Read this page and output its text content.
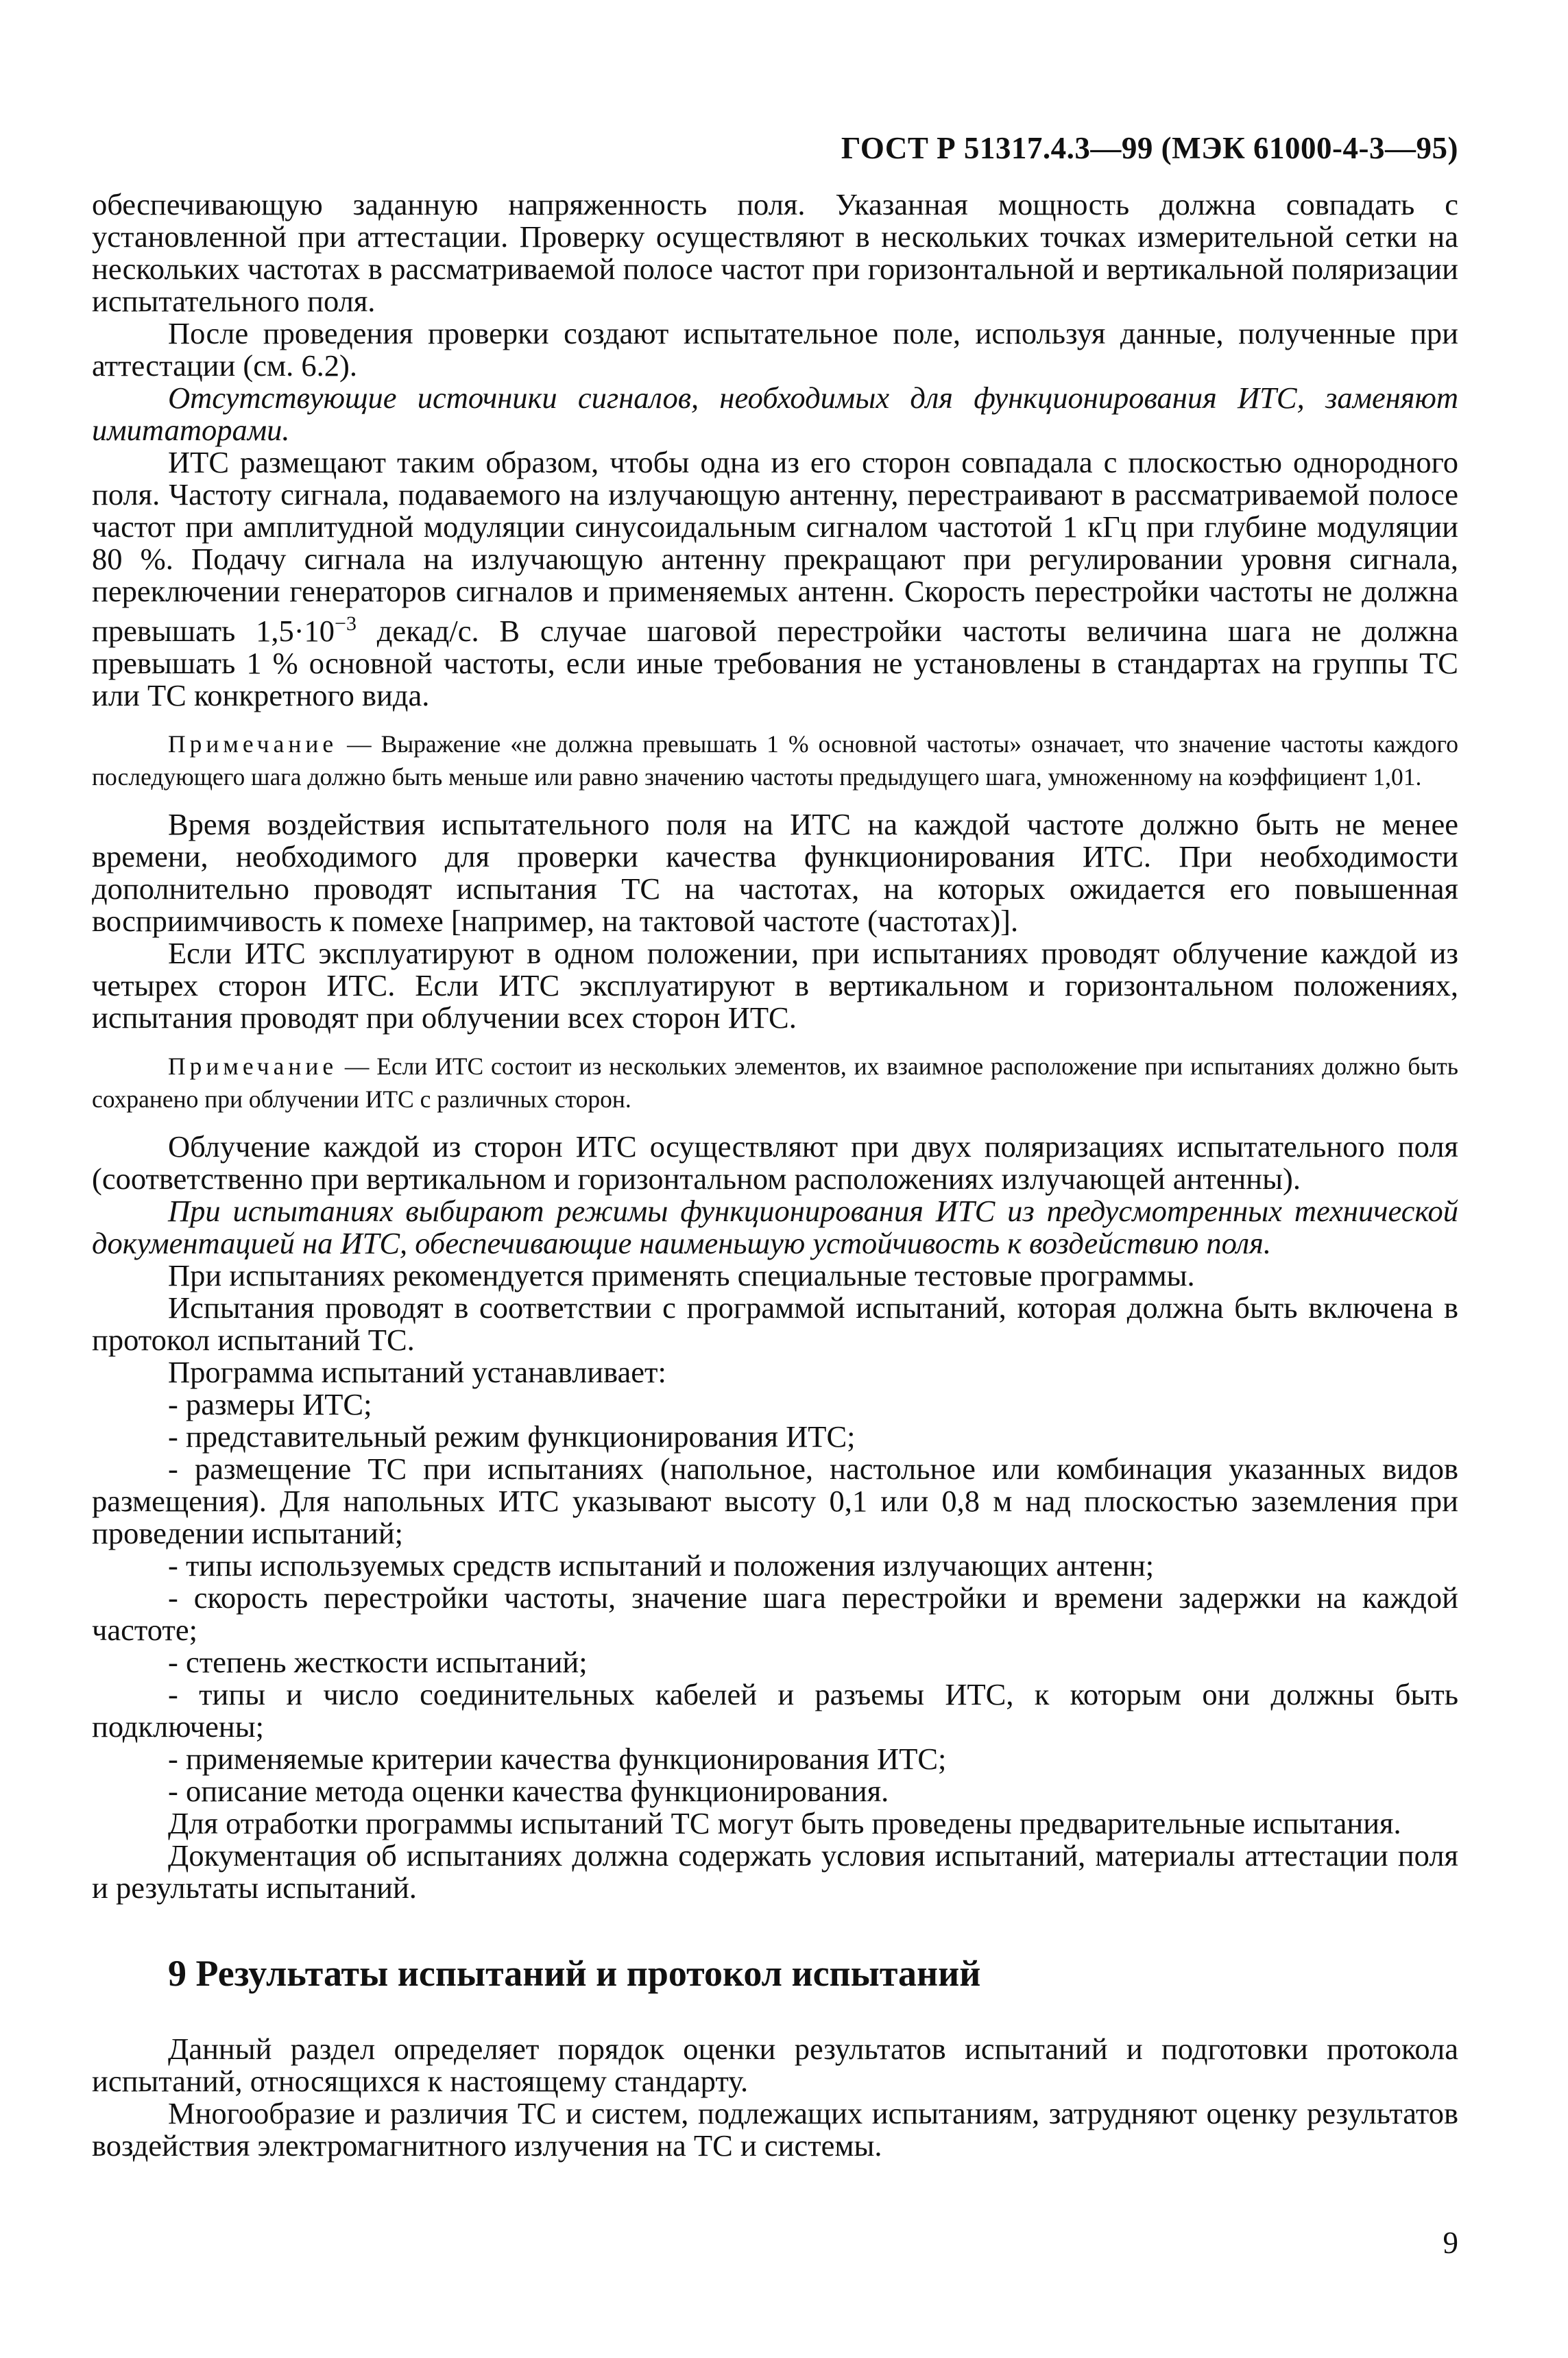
ГОСТ Р 51317.4.3—99 (МЭК 61000-4-3—95)

обеспечивающую заданную напряженность поля. Указанная мощность должна совпадать с установленной при аттестации. Проверку осуществляют в нескольких точках измерительной сетки на нескольких частотах в рассматриваемой полосе частот при горизонтальной и вертикальной поляризации испытательного поля.

После проведения проверки создают испытательное поле, используя данные, полученные при аттестации (см. 6.2).

Отсутствующие источники сигналов, необходимых для функционирования ИТС, заменяют имитаторами.

ИТС размещают таким образом, чтобы одна из его сторон совпадала с плоскостью однородного поля. Частоту сигнала, подаваемого на излучающую антенну, перестраивают в рассматриваемой полосе частот при амплитудной модуляции синусоидальным сигналом частотой 1 кГц при глубине модуляции 80 %. Подачу сигнала на излучающую антенну прекращают при регулировании уровня сигнала, переключении генераторов сигналов и применяемых антенн. Скорость перестройки частоты не должна превышать $1,5\cdot 10^{-3}$ декад/с. В случае шаговой перестройки частоты величина шага не должна превышать 1 % основной частоты, если иные требования не установлены в стандартах на группы ТС или ТС конкретного вида.

Примечание — Выражение «не должна превышать 1 % основной частоты» означает, что значение частоты каждого последующего шага должно быть меньше или равно значению частоты предыдущего шага, умноженному на коэффициент 1,01.

Время воздействия испытательного поля на ИТС на каждой частоте должно быть не менее времени, необходимого для проверки качества функционирования ИТС. При необходимости дополнительно проводят испытания ТС на частотах, на которых ожидается его повышенная восприимчивость к помехе [например, на тактовой частоте (частотах)].

Если ИТС эксплуатируют в одном положении, при испытаниях проводят облучение каждой из четырех сторон ИТС. Если ИТС эксплуатируют в вертикальном и горизонтальном положениях, испытания проводят при облучении всех сторон ИТС.

Примечание — Если ИТС состоит из нескольких элементов, их взаимное расположение при испытаниях должно быть сохранено при облучении ИТС с различных сторон.

Облучение каждой из сторон ИТС осуществляют при двух поляризациях испытательного поля (соответственно при вертикальном и горизонтальном расположениях излучающей антенны).

При испытаниях выбирают режимы функционирования ИТС из предусмотренных технической документацией на ИТС, обеспечивающие наименьшую устойчивость к воздействию поля.

При испытаниях рекомендуется применять специальные тестовые программы.

Испытания проводят в соответствии с программой испытаний, которая должна быть включена в протокол испытаний ТС.

Программа испытаний устанавливает:

- размеры ИТС;

- представительный режим функционирования ИТС;

- размещение ТС при испытаниях (напольное, настольное или комбинация указанных видов размещения). Для напольных ИТС указывают высоту 0,1 или 0,8 м над плоскостью заземления при проведении испытаний;

- типы используемых средств испытаний и положения излучающих антенн;

- скорость перестройки частоты, значение шага перестройки и времени задержки на каждой частоте;

- степень жесткости испытаний;

- типы и число соединительных кабелей и разъемы ИТС, к которым они должны быть подключены;

- применяемые критерии качества функционирования ИТС;

- описание метода оценки качества функционирования.

Для отработки программы испытаний ТС могут быть проведены предварительные испытания.

Документация об испытаниях должна содержать условия испытаний, материалы аттестации поля и результаты испытаний.

9 Результаты испытаний и протокол испытаний

Данный раздел определяет порядок оценки результатов испытаний и подготовки протокола испытаний, относящихся к настоящему стандарту.

Многообразие и различия ТС и систем, подлежащих испытаниям, затрудняют оценку результатов воздействия электромагнитного излучения на ТС и системы.

9
